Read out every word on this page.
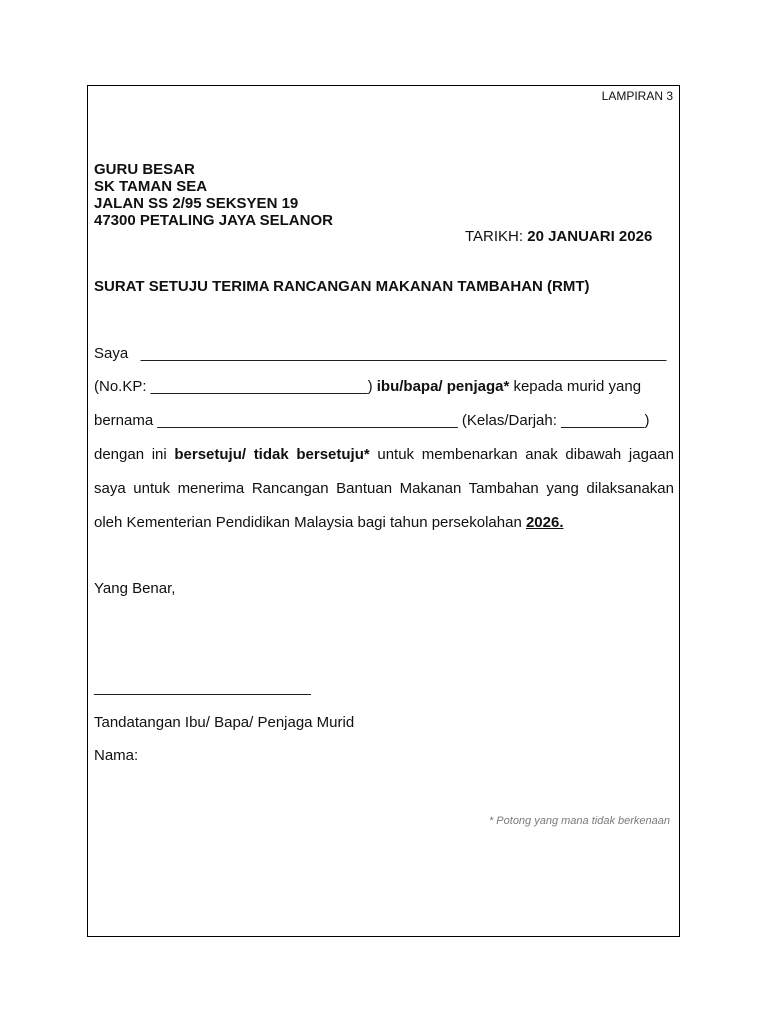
LAMPIRAN 3
GURU BESAR
SK TAMAN SEA
JALAN SS 2/95 SEKSYEN 19
47300 PETALING JAYA SELANOR
TARIKH: 20 JANUARI 2026
SURAT SETUJU TERIMA RANCANGAN MAKANAN TAMBAHAN (RMT)
Saya _______________________________________________________________
(No.KP: __________________________) ibu/bapa/ penjaga* kepada murid yang
bernama ____________________________________ (Kelas/Darjah: __________)
dengan ini bersetuju/ tidak bersetuju* untuk membenarkan anak dibawah jagaan
saya untuk menerima Rancangan Bantuan Makanan Tambahan yang dilaksanakan
oleh Kementerian Pendidikan Malaysia bagi tahun persekolahan 2026.
Yang Benar,
__________________________
Tandatangan Ibu/ Bapa/ Penjaga Murid
Nama:
* Potong yang mana tidak berkenaan
